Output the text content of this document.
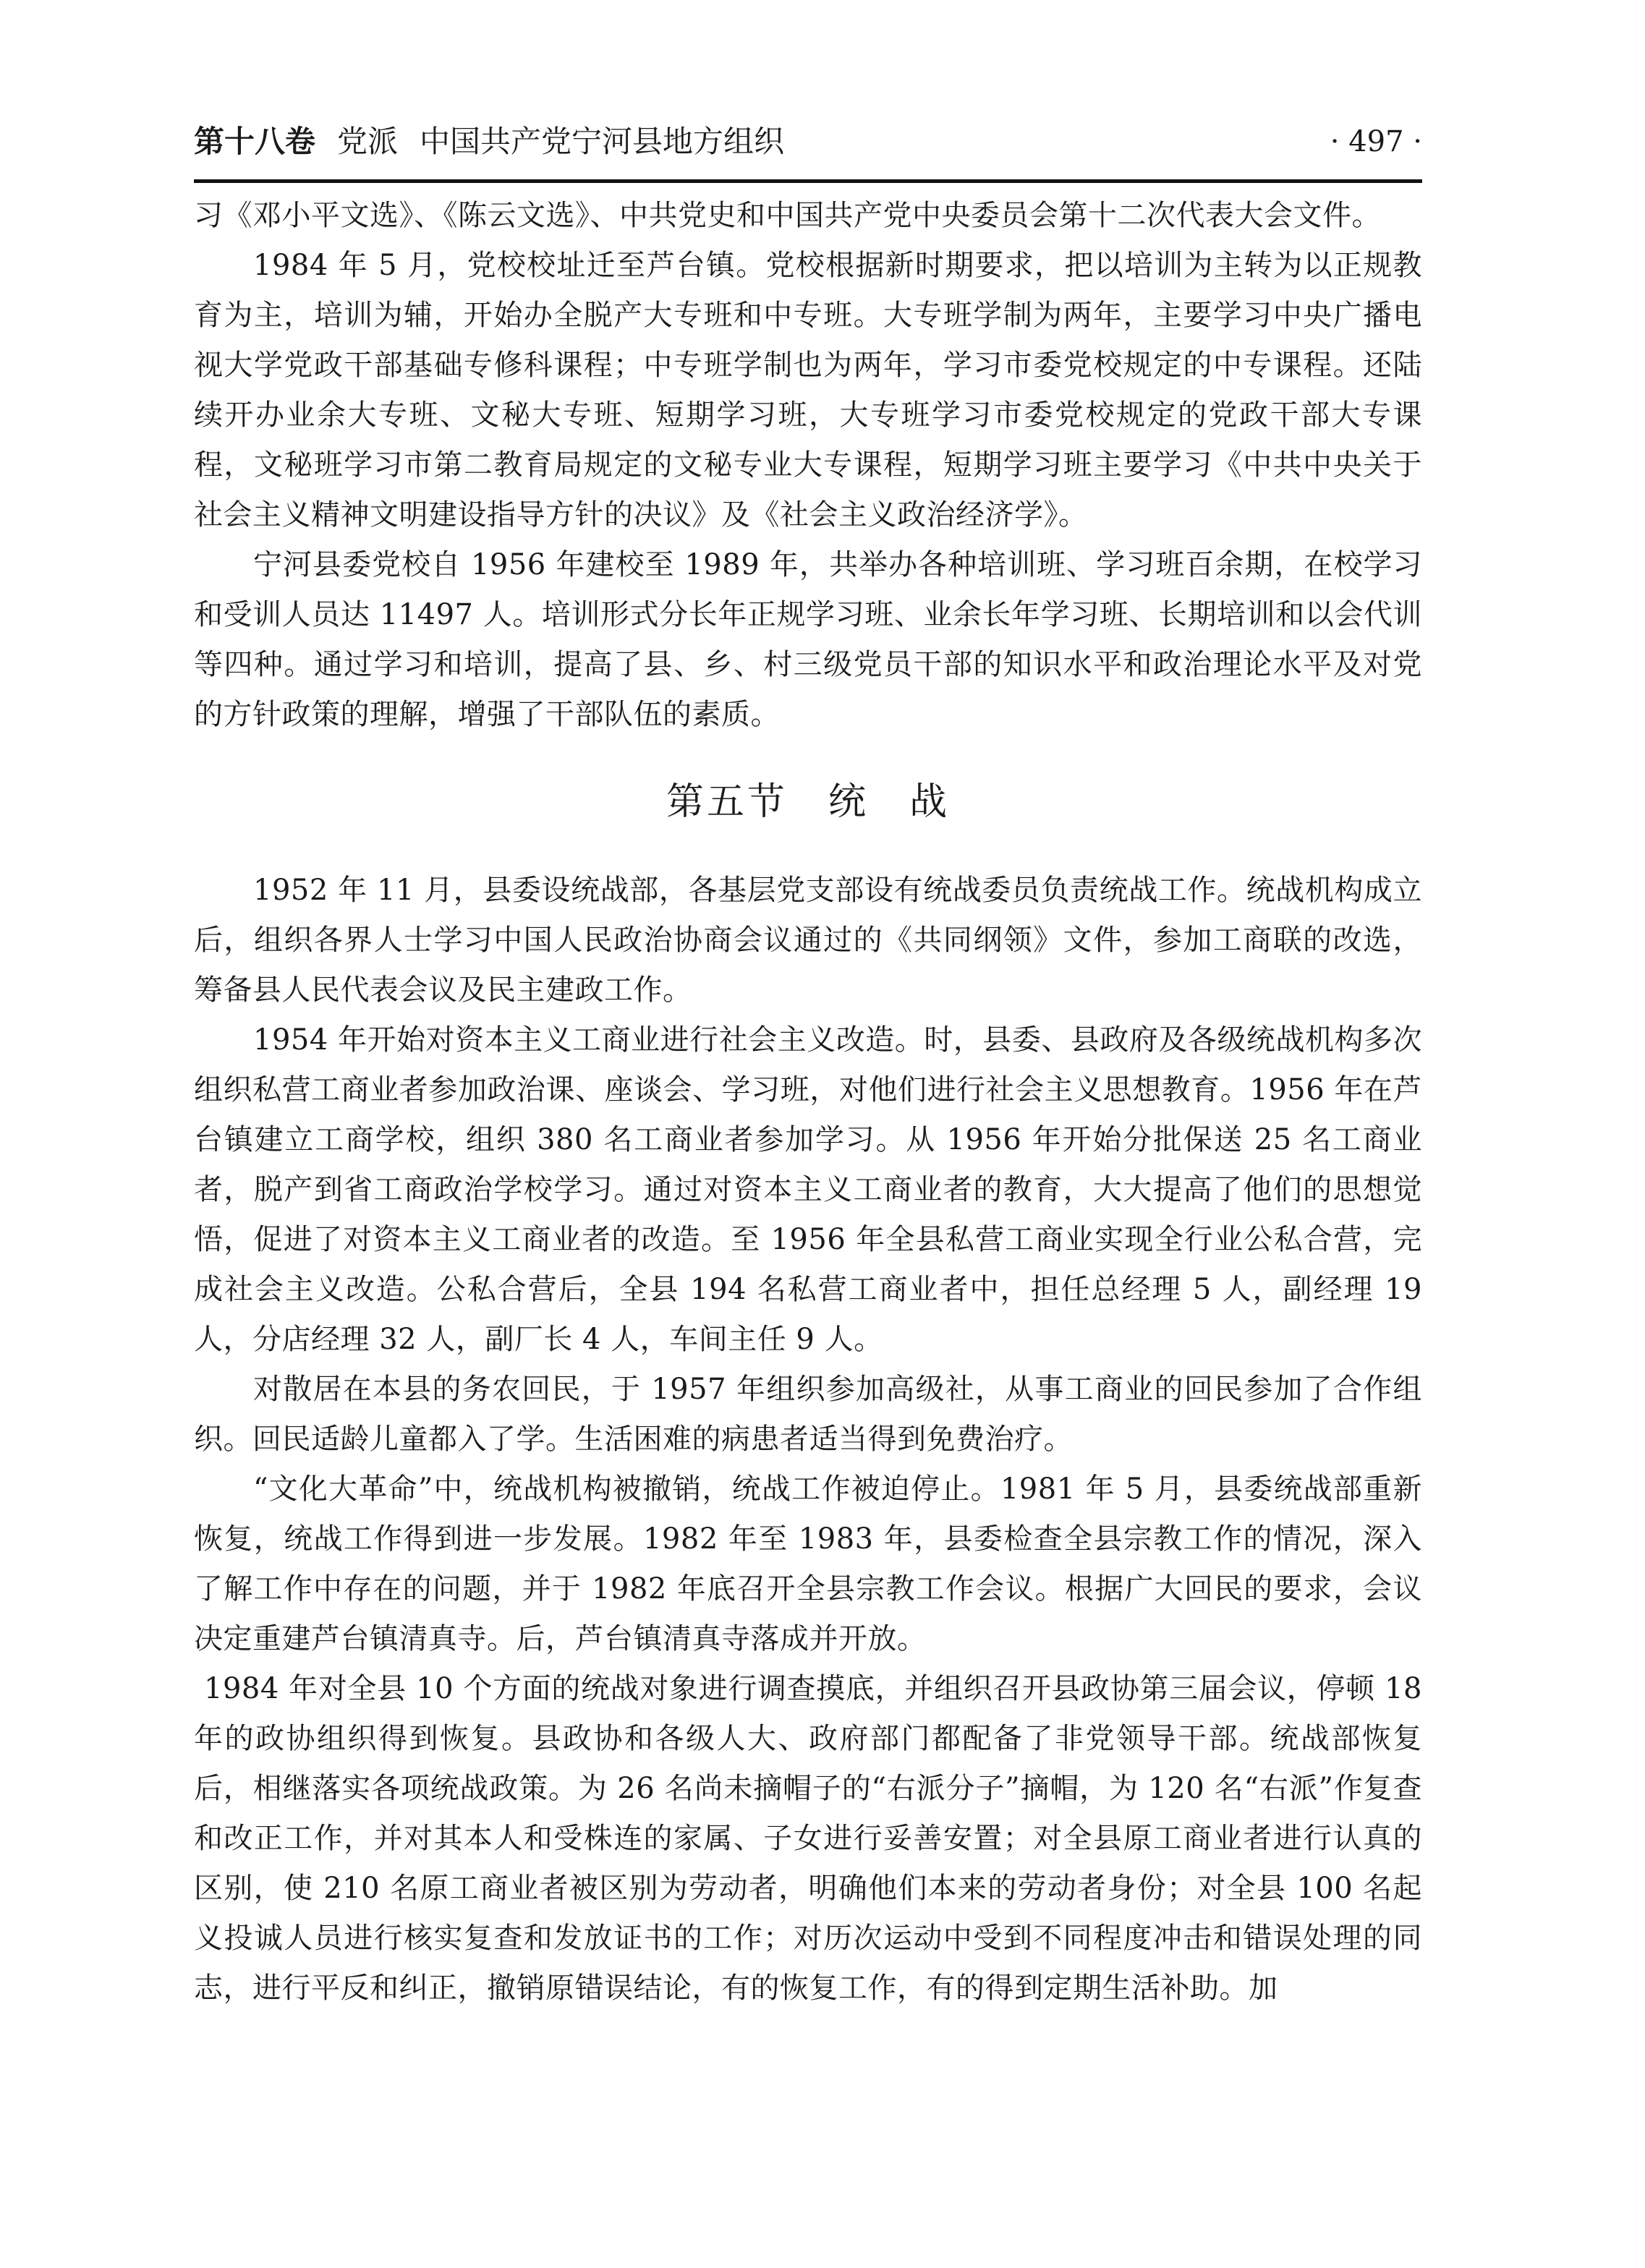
第十八卷 党派 中国共产党宁河县地方组织	· 497 ·

习《邓小平文选》、《陈云文选》、中共党史和中国共产党中央委员会第十二次代表大会文件。

1984 年 5 月，党校校址迁至芦台镇。党校根据新时期要求，把以培训为主转为以正规教育为主，培训为辅，开始办全脱产大专班和中专班。大专班学制为两年，主要学习中央广播电视大学党政干部基础专修科课程；中专班学制也为两年，学习市委党校规定的中专课程。还陆续开办业余大专班、文秘大专班、短期学习班，大专班学习市委党校规定的党政干部大专课程，文秘班学习市第二教育局规定的文秘专业大专课程，短期学习班主要学习《中共中央关于社会主义精神文明建设指导方针的决议》及《社会主义政治经济学》。

宁河县委党校自 1956 年建校至 1989 年，共举办各种培训班、学习班百余期，在校学习和受训人员达 11497 人。培训形式分长年正规学习班、业余长年学习班、长期培训和以会代训等四种。通过学习和培训，提高了县、乡、村三级党员干部的知识水平和政治理论水平及对党的方针政策的理解，增强了干部队伍的素质。

第五节　统　战

1952 年 11 月，县委设统战部，各基层党支部设有统战委员负责统战工作。统战机构成立后，组织各界人士学习中国人民政治协商会议通过的《共同纲领》文件，参加工商联的改选，筹备县人民代表会议及民主建政工作。

1954 年开始对资本主义工商业进行社会主义改造。时，县委、县政府及各级统战机构多次组织私营工商业者参加政治课、座谈会、学习班，对他们进行社会主义思想教育。1956 年在芦台镇建立工商学校，组织 380 名工商业者参加学习。从 1956 年开始分批保送 25 名工商业者，脱产到省工商政治学校学习。通过对资本主义工商业者的教育，大大提高了他们的思想觉悟，促进了对资本主义工商业者的改造。至 1956 年全县私营工商业实现全行业公私合营，完成社会主义改造。公私合营后，全县 194 名私营工商业者中，担任总经理 5 人，副经理 19 人，分店经理 32 人，副厂长 4 人，车间主任 9 人。

对散居在本县的务农回民，于 1957 年组织参加高级社，从事工商业的回民参加了合作组织。回民适龄儿童都入了学。生活困难的病患者适当得到免费治疗。

“文化大革命”中，统战机构被撤销，统战工作被迫停止。1981 年 5 月，县委统战部重新恢复，统战工作得到进一步发展。1982 年至 1983 年，县委检查全县宗教工作的情况，深入了解工作中存在的问题，并于 1982 年底召开全县宗教工作会议。根据广大回民的要求，会议决定重建芦台镇清真寺。后，芦台镇清真寺落成并开放。

1984 年对全县 10 个方面的统战对象进行调查摸底，并组织召开县政协第三届会议，停顿 18 年的政协组织得到恢复。县政协和各级人大、政府部门都配备了非党领导干部。统战部恢复后，相继落实各项统战政策。为 26 名尚未摘帽子的“右派分子”摘帽，为 120 名“右派”作复查和改正工作，并对其本人和受株连的家属、子女进行妥善安置；对全县原工商业者进行认真的区别，使 210 名原工商业者被区别为劳动者，明确他们本来的劳动者身份；对全县 100 名起义投诚人员进行核实复查和发放证书的工作；对历次运动中受到不同程度冲击和错误处理的同志，进行平反和纠正，撤销原错误结论，有的恢复工作，有的得到定期生活补助。加
